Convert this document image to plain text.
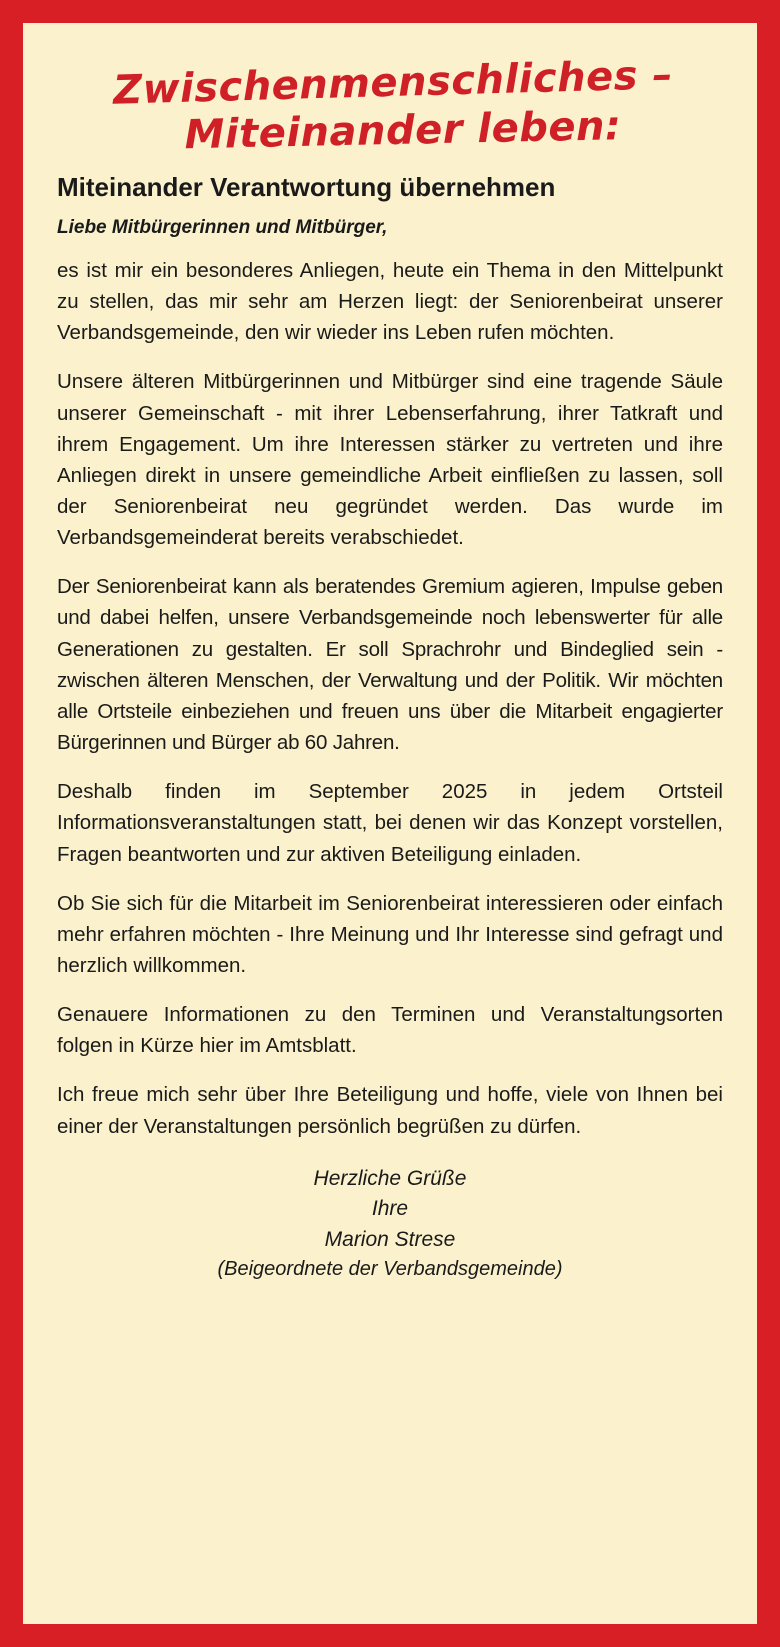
Zwischenmenschliches –
Miteinander leben:
Miteinander Verantwortung übernehmen

Liebe Mitbürgerinnen und Mitbürger,

es ist mir ein besonderes Anliegen, heute ein Thema in den Mittelpunkt zu stellen, das mir sehr am Herzen liegt: der Seniorenbeirat unserer Verbandsgemeinde, den wir wieder ins Leben rufen möchten.

Unsere älteren Mitbürgerinnen und Mitbürger sind eine tragende Säule unserer Gemeinschaft - mit ihrer Lebenserfahrung, ihrer Tatkraft und ihrem Engagement. Um ihre Interessen stärker zu vertreten und ihre Anliegen direkt in unsere gemeindliche Arbeit einfließen zu lassen, soll der Seniorenbeirat neu gegründet werden. Das wurde im Verbandsgemeinderat bereits verabschiedet.

Der Seniorenbeirat kann als beratendes Gremium agieren, Impulse geben und dabei helfen, unsere Verbandsgemeinde noch lebenswerter für alle Generationen zu gestalten. Er soll Sprachrohr und Bindeglied sein - zwischen älteren Menschen, der Verwaltung und der Politik. Wir möchten alle Ortsteile einbeziehen und freuen uns über die Mitarbeit engagierter Bürgerinnen und Bürger ab 60 Jahren.

Deshalb finden im September 2025 in jedem Ortsteil Informationsveranstaltungen statt, bei denen wir das Konzept vorstellen, Fragen beantworten und zur aktiven Beteiligung einladen.

Ob Sie sich für die Mitarbeit im Seniorenbeirat interessieren oder einfach mehr erfahren möchten - Ihre Meinung und Ihr Interesse sind gefragt und herzlich willkommen.

Genauere Informationen zu den Terminen und Veranstaltungsorten folgen in Kürze hier im Amtsblatt.

Ich freue mich sehr über Ihre Beteiligung und hoffe, viele von Ihnen bei einer der Veranstaltungen persönlich begrüßen zu dürfen.

Herzliche Grüße
Ihre
Marion Strese
(Beigeordnete der Verbandsgemeinde)
